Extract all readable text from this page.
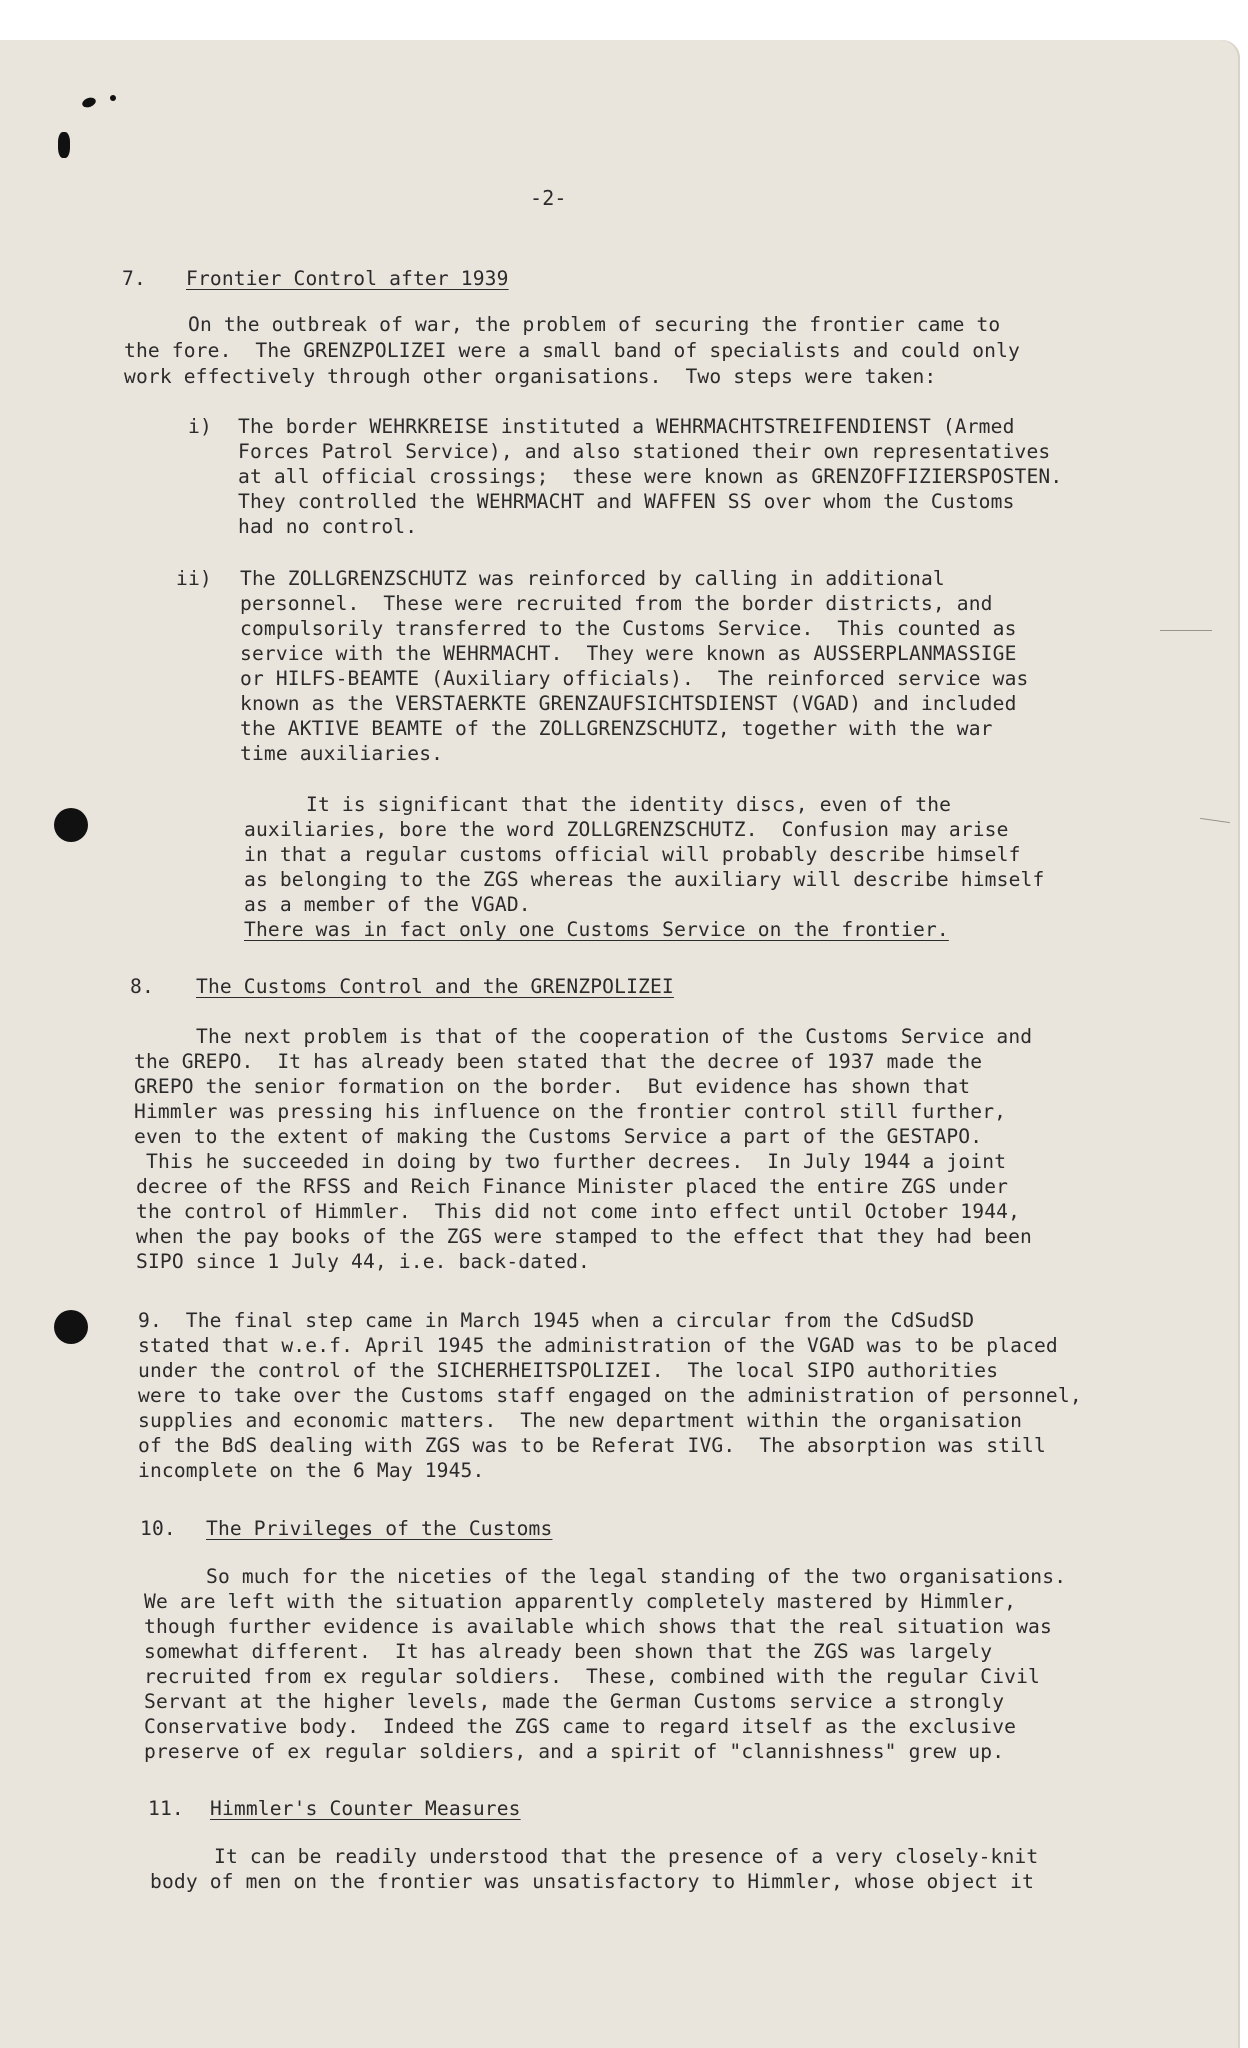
-2-
7. Frontier Control after 1939
On the outbreak of war, the problem of securing the frontier came to
the fore.  The GRENZPOLIZEI were a small band of specialists and could only
work effectively through other organisations.  Two steps were taken:
i) The border WEHRKREISE instituted a WEHRMACHTSTREIFENDIENST (Armed
Forces Patrol Service), and also stationed their own representatives
at all official crossings;  these were known as GRENZOFFIZIERSPOSTEN.
They controlled the WEHRMACHT and WAFFEN SS over whom the Customs
had no control.
ii) The ZOLLGRENZSCHUTZ was reinforced by calling in additional
personnel.  These were recruited from the border districts, and
compulsorily transferred to the Customs Service.  This counted as
service with the WEHRMACHT.  They were known as AUSSERPLANMASSIGE
or HILFS-BEAMTE (Auxiliary officials).  The reinforced service was
known as the VERSTAERKTE GRENZAUFSICHTSDIENST (VGAD) and included
the AKTIVE BEAMTE of the ZOLLGRENZSCHUTZ, together with the war
time auxiliaries.
It is significant that the identity discs, even of the
auxiliaries, bore the word ZOLLGRENZSCHUTZ.  Confusion may arise
in that a regular customs official will probably describe himself
as belonging to the ZGS whereas the auxiliary will describe himself
as a member of the VGAD.
There was in fact only one Customs Service on the frontier.
8. The Customs Control and the GRENZPOLIZEI
The next problem is that of the cooperation of the Customs Service and
the GREPO.  It has already been stated that the decree of 1937 made the
GREPO the senior formation on the border.  But evidence has shown that
Himmler was pressing his influence on the frontier control still further,
even to the extent of making the Customs Service a part of the GESTAPO.
This he succeeded in doing by two further decrees.  In July 1944 a joint
decree of the RFSS and Reich Finance Minister placed the entire ZGS under
the control of Himmler.  This did not come into effect until October 1944,
when the pay books of the ZGS were stamped to the effect that they had been
SIPO since 1 July 44, i.e. back-dated.
9.  The final step came in March 1945 when a circular from the CdSudSD
stated that w.e.f. April 1945 the administration of the VGAD was to be placed
under the control of the SICHERHEITSPOLIZEI.  The local SIPO authorities
were to take over the Customs staff engaged on the administration of personnel,
supplies and economic matters.  The new department within the organisation
of the BdS dealing with ZGS was to be Referat IVG.  The absorption was still
incomplete on the 6 May 1945.
10. The Privileges of the Customs
So much for the niceties of the legal standing of the two organisations.
We are left with the situation apparently completely mastered by Himmler,
though further evidence is available which shows that the real situation was
somewhat different.  It has already been shown that the ZGS was largely
recruited from ex regular soldiers.  These, combined with the regular Civil
Servant at the higher levels, made the German Customs service a strongly
Conservative body.  Indeed the ZGS came to regard itself as the exclusive
preserve of ex regular soldiers, and a spirit of "clannishness" grew up.
11. Himmler's Counter Measures
It can be readily understood that the presence of a very closely-knit
body of men on the frontier was unsatisfactory to Himmler, whose object it
